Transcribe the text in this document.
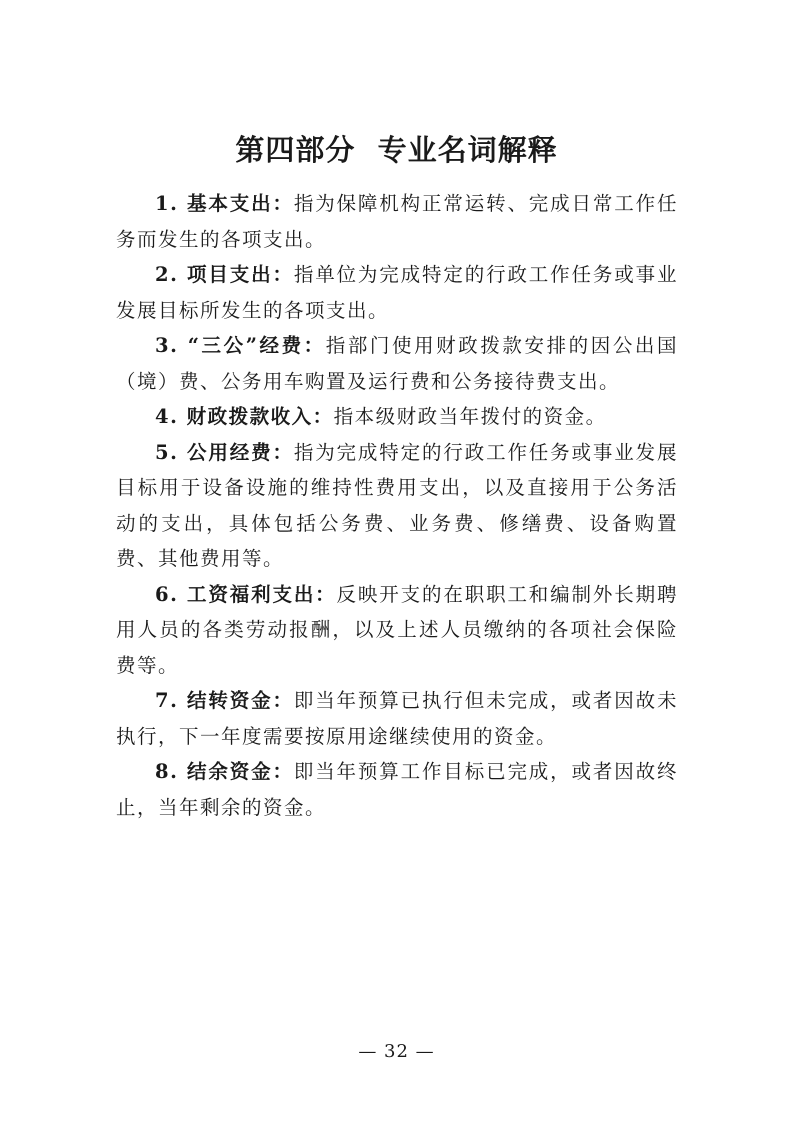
第四部分  专业名词解释

1. 基本支出：指为保障机构正常运转、完成日常工作任务而发生的各项支出。

2. 项目支出：指单位为完成特定的行政工作任务或事业发展目标所发生的各项支出。

3. “三公”经费：指部门使用财政拨款安排的因公出国（境）费、公务用车购置及运行费和公务接待费支出。

4. 财政拨款收入：指本级财政当年拨付的资金。

5. 公用经费：指为完成特定的行政工作任务或事业发展目标用于设备设施的维持性费用支出，以及直接用于公务活动的支出，具体包括公务费、业务费、修缮费、设备购置费、其他费用等。

6. 工资福利支出：反映开支的在职职工和编制外长期聘用人员的各类劳动报酬，以及上述人员缴纳的各项社会保险费等。

7. 结转资金：即当年预算已执行但未完成，或者因故未执行，下一年度需要按原用途继续使用的资金。

8. 结余资金：即当年预算工作目标已完成，或者因故终止，当年剩余的资金。

— 32 —
